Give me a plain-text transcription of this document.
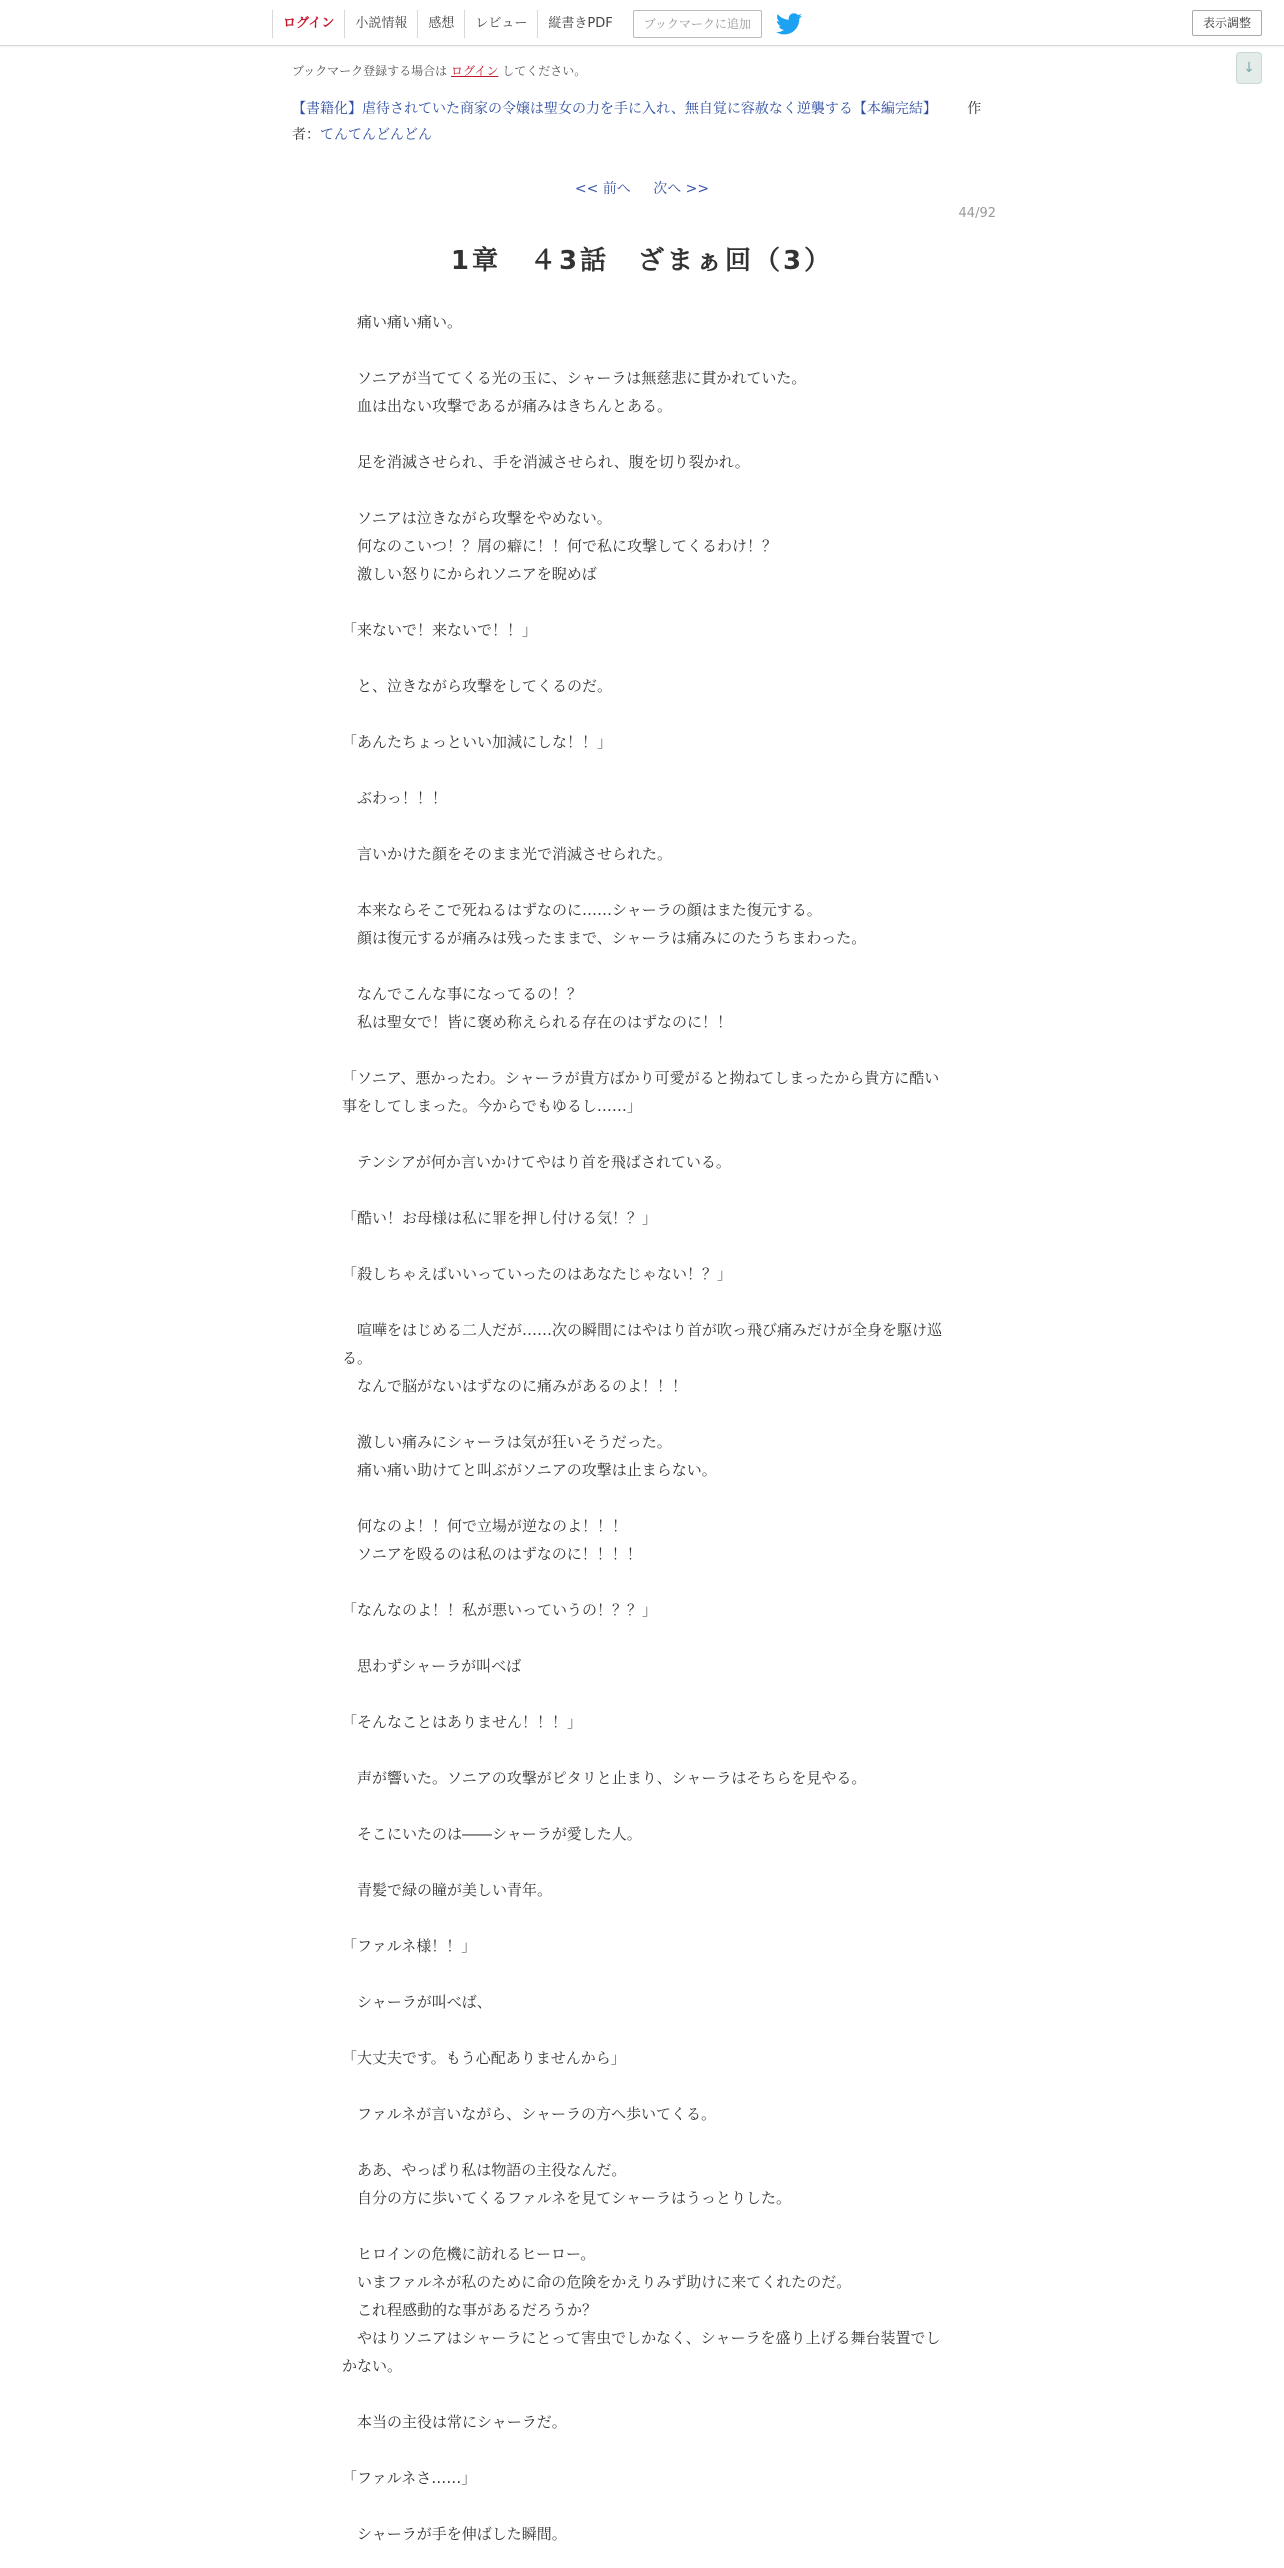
ログイン	小説情報	感想	レビュー	縦書きPDF	ブックマークに追加	表示調整
↓
ブックマーク登録する場合は ログイン してください。
【書籍化】虐待されていた商家の令嬢は聖女の力を手に入れ、無自覚に容赦なく逆襲する【本編完結】 作者：てんてんどんどん
<< 前へ 次へ >>
44/92
1章　４3話　ざまぁ回（3）

　痛い痛い痛い。

　ソニアが当ててくる光の玉に、シャーラは無慈悲に貫かれていた。

　血は出ない攻撃であるが痛みはきちんとある。

　足を消滅させられ、手を消滅させられ、腹を切り裂かれ。

　ソニアは泣きながら攻撃をやめない。

　何なのこいつ！？屑の癖に！！何で私に攻撃してくるわけ！？

　激しい怒りにかられソニアを睨めば

「来ないで！来ないで！！」

　と、泣きながら攻撃をしてくるのだ。

「あんたちょっといい加減にしな！！」

　ぶわっ！！！

　言いかけた顔をそのまま光で消滅させられた。

　本来ならそこで死ねるはずなのに……シャーラの顔はまた復元する。

　顔は復元するが痛みは残ったままで、シャーラは痛みにのたうちまわった。

　なんでこんな事になってるの！？

　私は聖女で！皆に褒め称えられる存在のはずなのに！！

「ソニア、悪かったわ。シャーラが貴方ばかり可愛がると拗ねてしまったから貴方に酷い事をしてしまった。今からでもゆるし……」

　テンシアが何か言いかけてやはり首を飛ばされている。

「酷い！お母様は私に罪を押し付ける気！？」

「殺しちゃえばいいっていったのはあなたじゃない！？」

　喧嘩をはじめる二人だが……次の瞬間にはやはり首が吹っ飛び痛みだけが全身を駆け巡る。

　なんで脳がないはずなのに痛みがあるのよ！！！

　激しい痛みにシャーラは気が狂いそうだった。

　痛い痛い助けてと叫ぶがソニアの攻撃は止まらない。

　何なのよ！！何で立場が逆なのよ！！！

　ソニアを殴るのは私のはずなのに！！！！

「なんなのよ！！私が悪いっていうの！？？」

　思わずシャーラが叫べば

「そんなことはありません！！！」

　声が響いた。ソニアの攻撃がピタリと止まり、シャーラはそちらを見やる。

　そこにいたのは――シャーラが愛した人。

　青髪で緑の瞳が美しい青年。

「ファルネ様！！」

　シャーラが叫べば、

「大丈夫です。もう心配ありませんから」

　ファルネが言いながら、シャーラの方へ歩いてくる。

　ああ、やっぱり私は物語の主役なんだ。

　自分の方に歩いてくるファルネを見てシャーラはうっとりした。

　ヒロインの危機に訪れるヒーロー。

　いまファルネが私のために命の危険をかえりみず助けに来てくれたのだ。

　これ程感動的な事があるだろうか？

　やはりソニアはシャーラにとって害虫でしかなく、シャーラを盛り上げる舞台装置でしかない。

　本当の主役は常にシャーラだ。

「ファルネさ……」

　シャーラが手を伸ばした瞬間。
